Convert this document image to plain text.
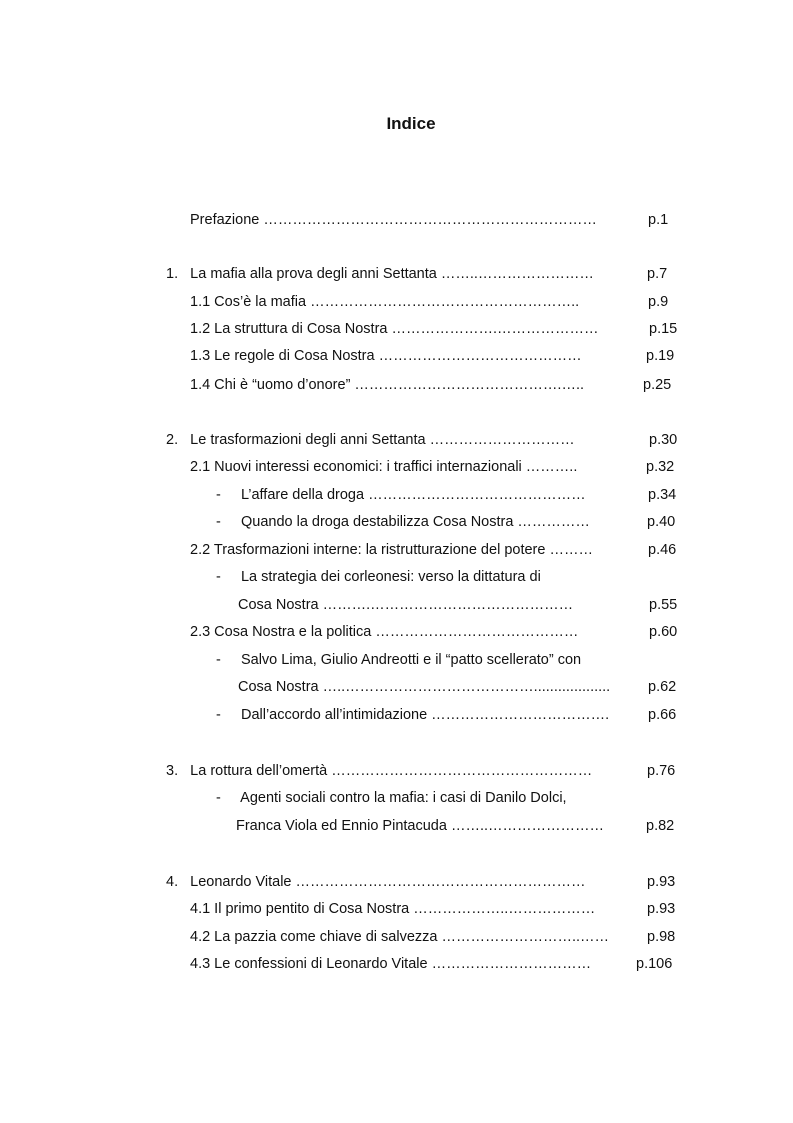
Indice
Prefazione ……………………………………………………………	p.1
1.   La mafia alla prova degli anni Settanta ……..……………………	p.7
1.1 Cos’è la mafia ………………………………………………..	p.9
1.2 La struttura di Cosa Nostra ………………….…………………	p.15
1.3 Le regole di Cosa Nostra ……………………………………	p.19
1.4 Chi è “uomo d’onore” …………………………………….…..	p.25
2.   Le trasformazioni degli anni Settanta …………………………	p.30
2.1 Nuovi interessi economici: i traffici internazionali ………..	p.32
-     L’affare della droga ………………………………………	p.34
-     Quando la droga destabilizza Cosa Nostra ……………	p.40
2.2 Trasformazioni interne: la ristrutturazione del potere ………	p.46
-     La strategia dei corleonesi: verso la dittatura di
Cosa Nostra ……….……………………………………	p.55
2.3 Cosa Nostra e la politica ……………………………………	p.60
-     Salvo Lima, Giulio Andreotti e il “patto scellerato” con
Cosa Nostra …..…………………………………...................	p.62
-     Dall’accordo all’intimidazione ……………………………….	p.66
3.   La rottura dell’omertà ………………………………………………	p.76
-     Agenti sociali contro la mafia: i casi di Danilo Dolci,
Franca Viola ed Ennio Pintacuda ……..……………………	p.82
4.   Leonardo Vitale ……………………………………………………	p.93
4.1 Il primo pentito di Cosa Nostra ………………..………………	p.93
4.2 La pazzia come chiave di salvezza ………………………..……	p.98
4.3 Le confessioni di Leonardo Vitale ……………………………	p.106
